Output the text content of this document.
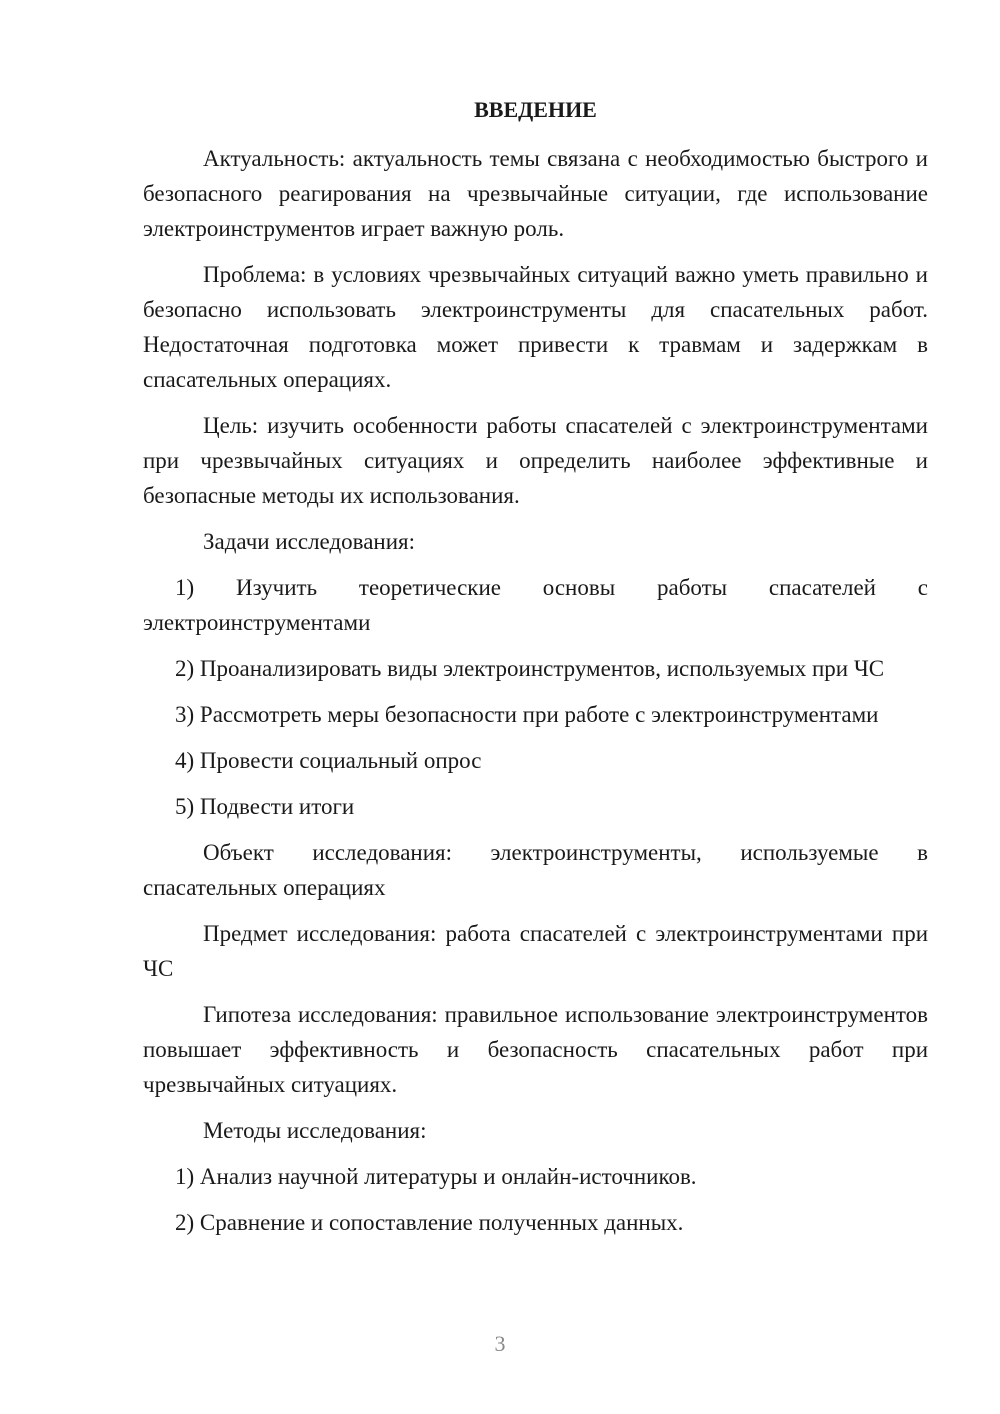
ВВЕДЕНИЕ

Актуальность: актуальность темы связана с необходимостью быстрого и безопасного реагирования на чрезвычайные ситуации, где использование электроинструментов играет важную роль.

Проблема: в условиях чрезвычайных ситуаций важно уметь правильно и безопасно использовать электроинструменты для спасательных работ. Недостаточная подготовка может привести к травмам и задержкам в спасательных операциях.

Цель: изучить особенности работы спасателей с электроинструментами при чрезвычайных ситуациях и определить наиболее эффективные и безопасные методы их использования.

Задачи исследования:

1) Изучить теоретические основы работы спасателей с электроинструментами

2) Проанализировать виды электроинструментов, используемых при ЧС

3) Рассмотреть меры безопасности при работе с электроинструментами

4) Провести социальный опрос

5) Подвести итоги

Объект исследования: электроинструменты, используемые в спасательных операциях

Предмет исследования: работа спасателей с электроинструментами при ЧС

Гипотеза исследования: правильное использование электроинструментов повышает эффективность и безопасность спасательных работ при чрезвычайных ситуациях.

Методы исследования:

1) Анализ научной литературы и онлайн-источников.

2) Сравнение и сопоставление полученных данных.

3
